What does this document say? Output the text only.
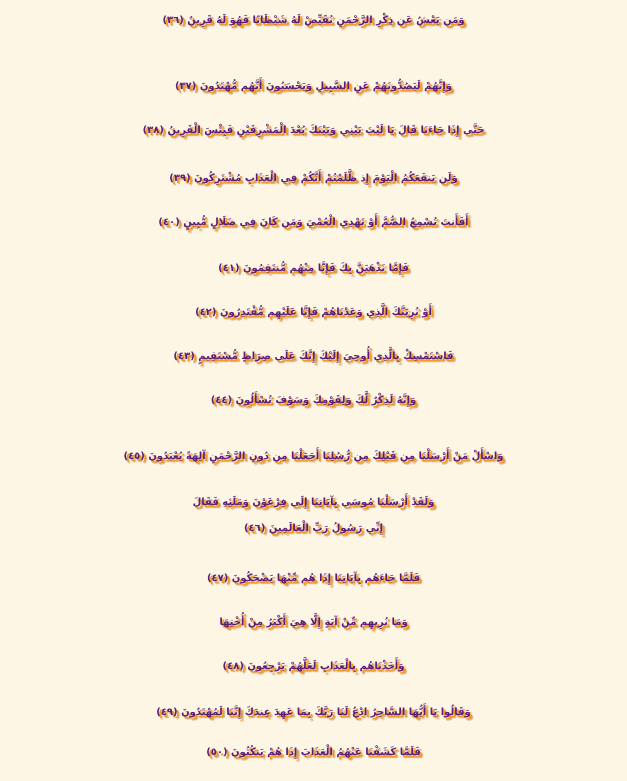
وَمَن يَعْشُ عَن ذِكْرِ الرَّحْمَنِ نُقَيِّضْ لَهُ شَيْطَانًا فَهُوَ لَهُ قَرِينٌ (٣٦)

وَإِنَّهُمْ لَيَصُدُّونَهُمْ عَنِ السَّبِيلِ وَيَحْسَبُونَ أَنَّهُم مُّهْتَدُونَ (٣٧)

حَتَّى إِذَا جَاءَنَا قَالَ يَا لَيْتَ بَيْنِي وَبَيْنَكَ بُعْدَ الْمَشْرِقَيْنِ فَبِئْسَ الْقَرِينُ (٣٨)

وَلَن يَنفَعَكُمُ الْيَوْمَ إِذ ظَّلَمْتُمْ أَنَّكُمْ فِي الْعَذَابِ مُشْتَرِكُونَ (٣٩)

أَفَأَنتَ تُسْمِعُ الصُّمَّ أَوْ تَهْدِي الْعُمْيَ وَمَن كَانَ فِي ضَلَالٍ مُّبِينٍ (٤٠)

فَإِمَّا نَذْهَبَنَّ بِكَ فَإِنَّا مِنْهُم مُّنتَقِمُونَ (٤١)

أَوْ نُرِيَنَّكَ الَّذِي وَعَدْنَاهُمْ فَإِنَّا عَلَيْهِم مُّقْتَدِرُونَ (٤٢)

فَاسْتَمْسِكْ بِالَّذِي أُوحِيَ إِلَيْكَ إِنَّكَ عَلَى صِرَاطٍ مُّسْتَقِيمٍ (٤٣)

وَإِنَّهُ لَذِكْرٌ لَّكَ وَلِقَوْمِكَ وَسَوْفَ تُسْأَلُونَ (٤٤)

وَاسْأَلْ مَنْ أَرْسَلْنَا مِن قَبْلِكَ مِن رُّسُلِنَا أَجَعَلْنَا مِن دُونِ الرَّحْمَنِ آلِهَةً يُعْبَدُونَ (٤٥)

وَلَقَدْ أَرْسَلْنَا مُوسَى بِآيَاتِنَا إِلَى فِرْعَوْنَ وَمَلَئِهِ فَقَالَ

إِنِّي رَسُولُ رَبِّ الْعَالَمِينَ (٤٦)

فَلَمَّا جَاءَهُم بِآيَاتِنَا إِذَا هُم مِّنْهَا يَضْحَكُونَ (٤٧)

وَمَا نُرِيهِم مِّنْ آيَةٍ إِلَّا هِيَ أَكْبَرُ مِنْ أُخْتِهَا

وَأَخَذْنَاهُم بِالْعَذَابِ لَعَلَّهُمْ يَرْجِعُونَ (٤٨)

وَقَالُوا يَا أَيُّهَا السَّاحِرُ ادْعُ لَنَا رَبَّكَ بِمَا عَهِدَ عِندَكَ إِنَّنَا لَمُهْتَدُونَ (٤٩)

فَلَمَّا كَشَفْنَا عَنْهُمُ الْعَذَابَ إِذَا هُمْ يَنكُثُونَ (٥٠)
